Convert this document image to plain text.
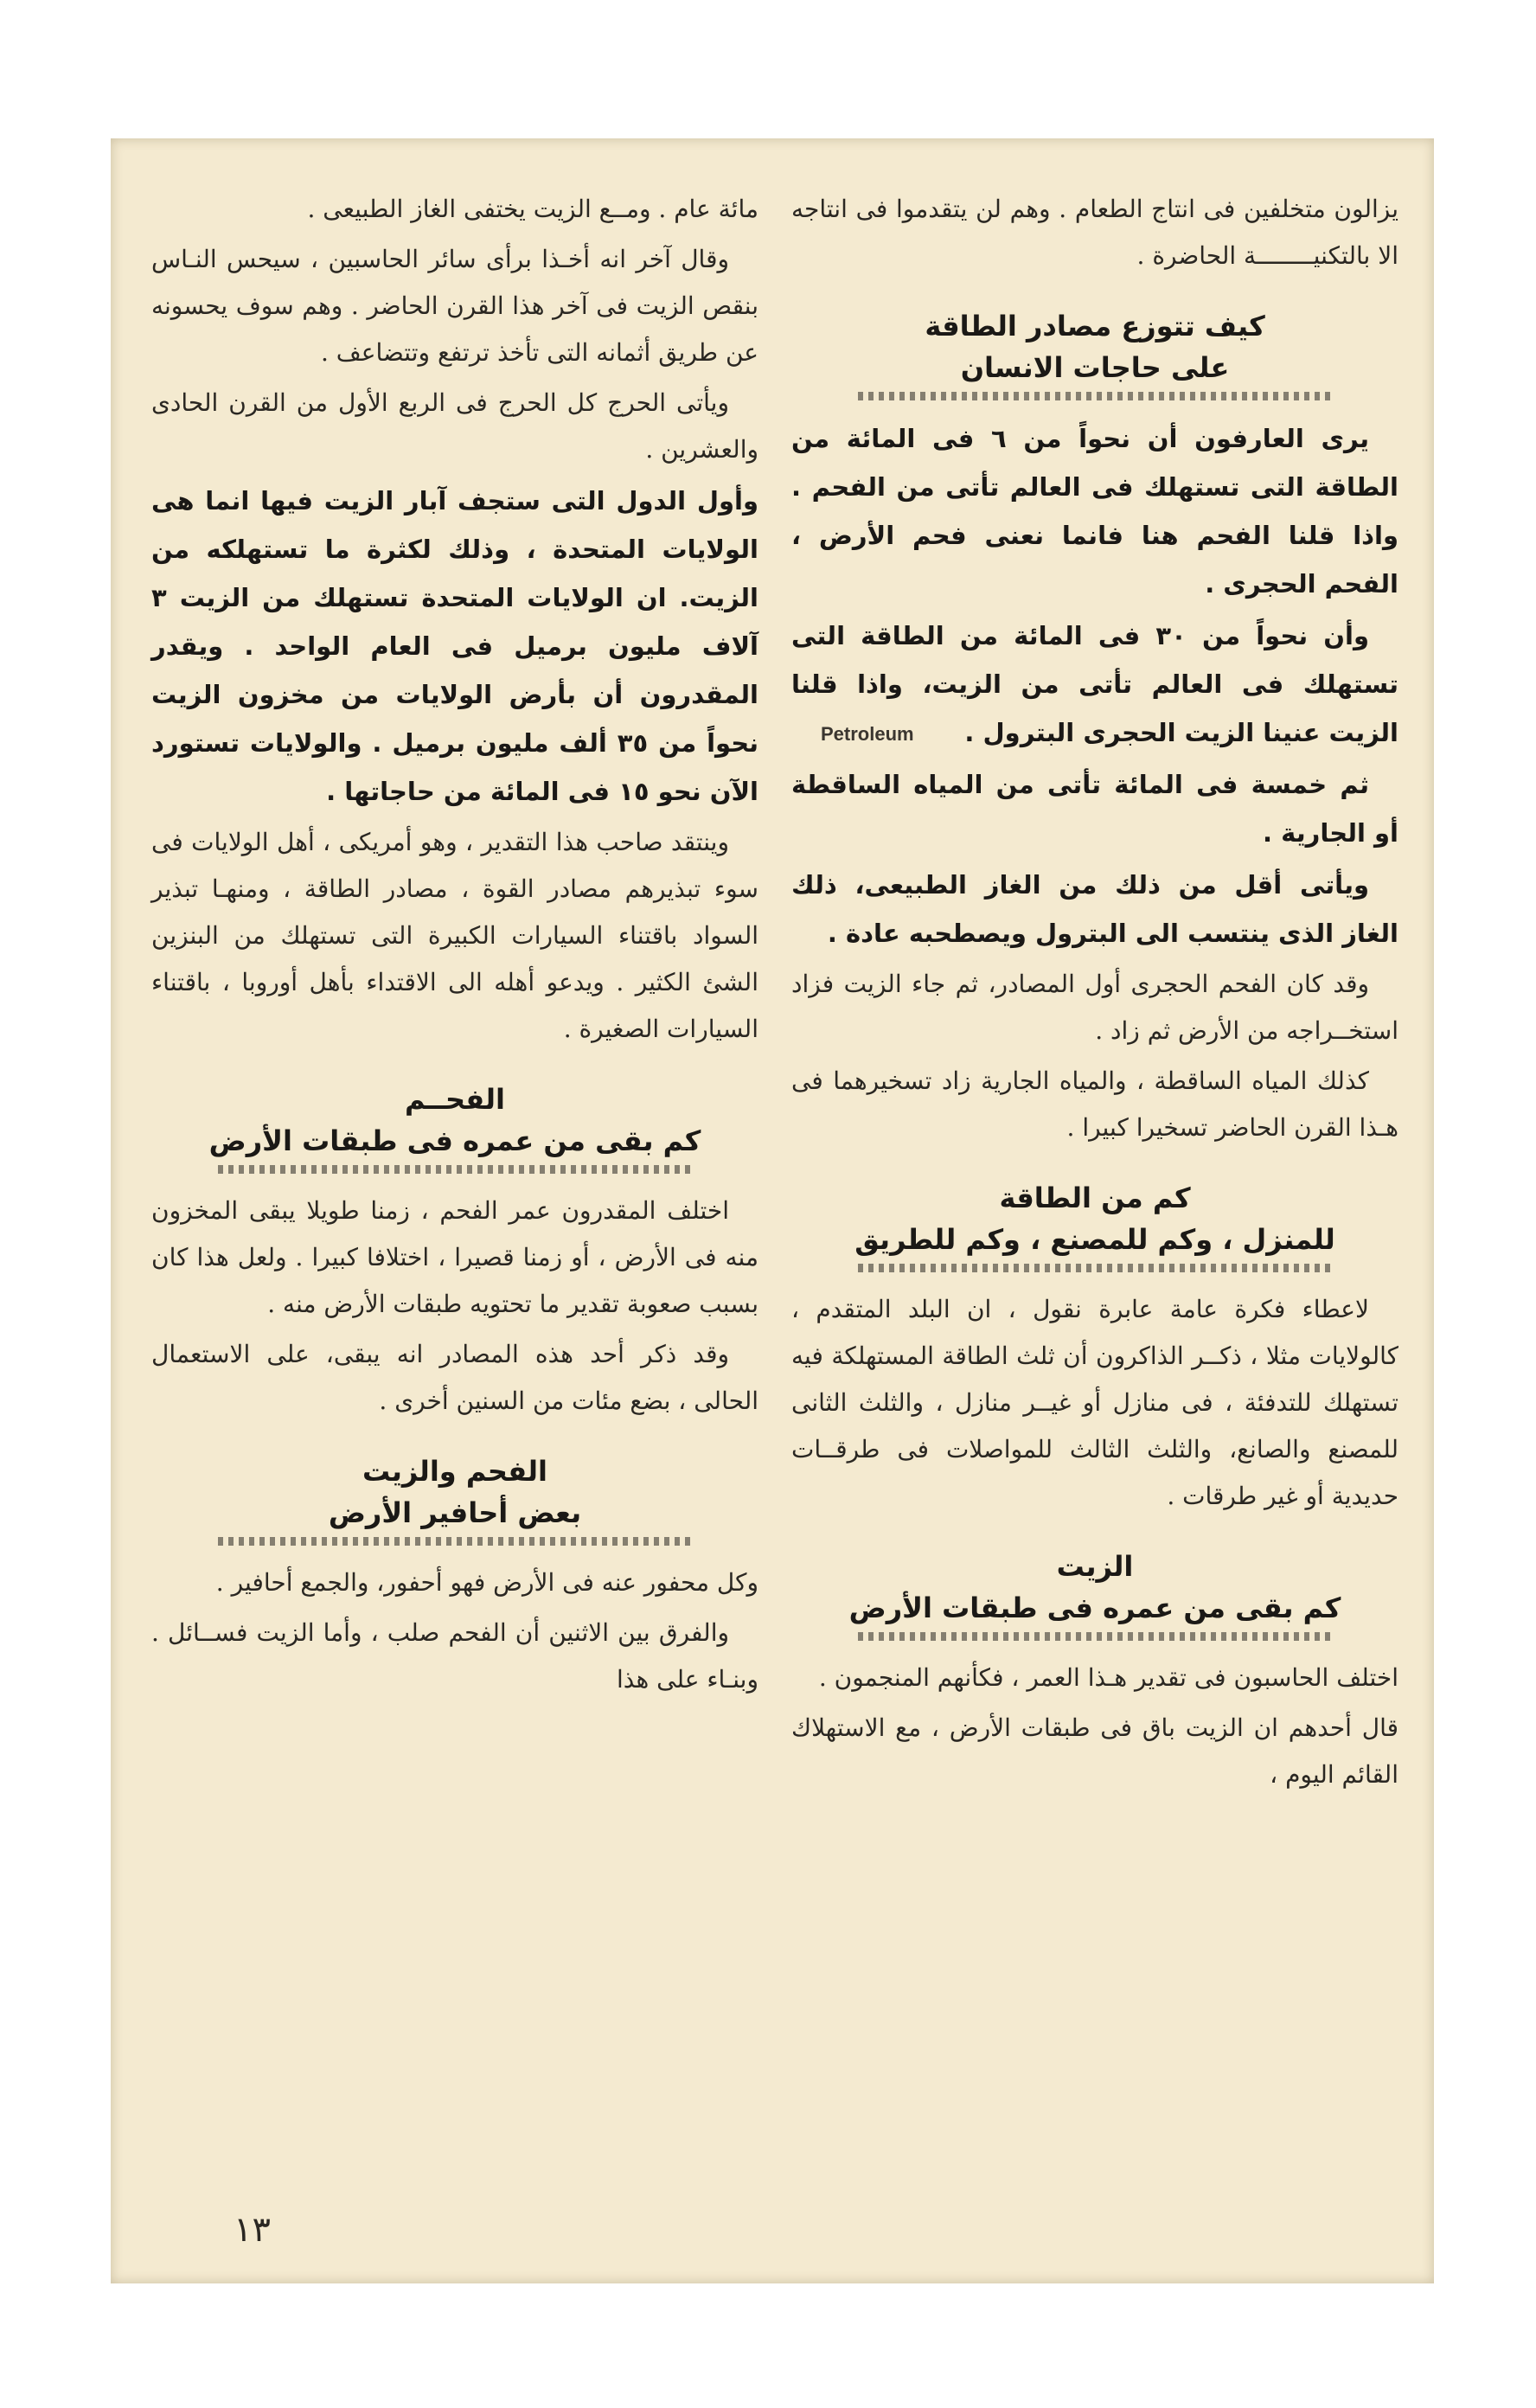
يزالون متخلفين فى انتاج الطعام . وهم لن يتقدموا فى انتاجه الا بالتكنيــــــــة الحاضرة .

كيف تتوزع مصادر الطاقة
على حاجات الانسان

يرى العارفون أن نحواً من ٦ فى المائة من الطاقة التى تستهلك فى العالم تأتى من الفحم . واذا قلنا الفحم هنا فانما نعنى فحم الأرض ، الفحم الحجرى .

وأن نحواً من ٣٠ فى المائة من الطاقة التى تستهلك فى العالم تأتى من الزيت، واذا قلنا الزيت عنينا الزيت الحجرى البترول .
Petroleum

ثم خمسة فى المائة تأتى من المياه الساقطة أو الجارية .

ويأتى أقل من ذلك من الغاز الطبيعى، ذلك الغاز الذى ينتسب الى البترول ويصطحبه عادة .

وقد كان الفحم الحجرى أول المصادر، ثم جاء الزيت فزاد استخــراجه من الأرض ثم زاد .

كذلك المياه الساقطة ، والمياه الجارية زاد تسخيرهما فى هـذا القرن الحاضر تسخيرا كبيرا .

كم من الطاقة
للمنزل ، وكم للمصنع ، وكم للطريق

لاعطاء فكرة عامة عابرة نقول ، ان البلد المتقدم ، كالولايات مثلا ، ذكــر الذاكرون أن ثلث الطاقة المستهلكة فيه تستهلك للتدفئة ، فى منازل أو غيــر منازل ، والثلث الثانى للمصنع والصانع، والثلث الثالث للمواصلات فى طرقــات حديدية أو غير طرقات .

الزيت
كم بقى من عمره فى طبقات الأرض

اختلف الحاسبون فى تقدير هـذا العمر ، فكأنهم المنجمون .

قال أحدهم ان الزيت باق فى طبقات الأرض ، مع الاستهلاك القائم اليوم ،

مائة عام . ومــع الزيت يختفى الغاز الطبيعى .

وقال آخر انه أخـذا برأى سائر الحاسبين ، سيحس النـاس بنقص الزيت فى آخر هذا القرن الحاضر . وهم سوف يحسونه عن طريق أثمانه التى تأخذ ترتفع وتتضاعف .

ويأتى الحرج كل الحرج فى الربع الأول من القرن الحادى والعشرين .

وأول الدول التى ستجف آبار الزيت فيها انما هى الولايات المتحدة ، وذلك لكثرة ما تستهلكه من الزيت. ان الولايات المتحدة تستهلك من الزيت ٣ آلاف مليون برميل فى العام الواحد . ويقدر المقدرون أن بأرض الولايات من مخزون الزيت نحواً من ٣٥ ألف مليون برميل . والولايات تستورد الآن نحو ١٥ فى المائة من حاجاتها .

وينتقد صاحب هذا التقدير ، وهو أمريكى ، أهل الولايات فى سوء تبذيرهم مصادر القوة ، مصادر الطاقة ، ومنهـا تبذير السواد باقتناء السيارات الكبيرة التى تستهلك من البنزين الشئ الكثير . ويدعو أهله الى الاقتداء بأهل أوروبا ، باقتناء السيارات الصغيرة .

الفحــم
كم بقى من عمره فى طبقات الأرض

اختلف المقدرون عمر الفحم ، زمنا طويلا يبقى المخزون منه فى الأرض ، أو زمنا قصيرا ، اختلافا كبيرا . ولعل هذا كان بسبب صعوبة تقدير ما تحتويه طبقات الأرض منه .

وقد ذكر أحد هذه المصادر انه يبقى، على الاستعمال الحالى ، بضع مئات من السنين أخرى .

الفحم والزيت
بعض أحافير الأرض

وكل محفور عنه فى الأرض فهو أحفور، والجمع أحافير .

والفرق بين الاثنين أن الفحم صلب ، وأما الزيت فســائل . وبنـاء على هذا

١٣
